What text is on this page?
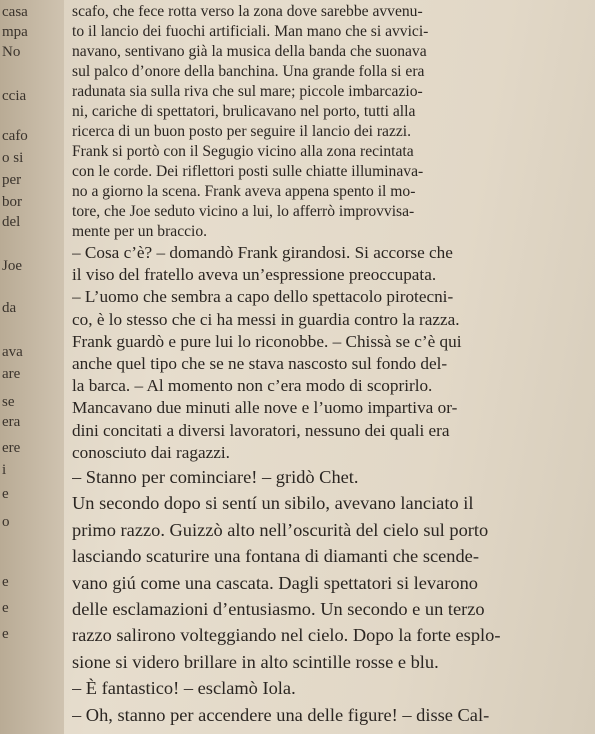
casa
mpa
No
ccia
cafo
o si
per
bor
del
Joe
da
ava
are
se
era
ere
i
e
o
e
e
e
scafo, che fece rotta verso la zona dove sarebbe avvenu-
to il lancio dei fuochi artificiali. Man mano che si avvici-
navano, sentivano già la musica della banda che suonava
sul palco d’onore della banchina. Una grande folla si era
radunata sia sulla riva che sul mare; piccole imbarcazio-
ni, cariche di spettatori, brulicavano nel porto, tutti alla
ricerca di un buon posto per seguire il lancio dei razzi.
Frank si portò con il Segugio vicino alla zona recintata
con le corde. Dei riflettori posti sulle chiatte illuminava-
no a giorno la scena. Frank aveva appena spento il mo-
tore, che Joe seduto vicino a lui, lo afferrò improvvisa-
mente per un braccio.
– Cosa c’è? – domandò Frank girandosi. Si accorse che
il viso del fratello aveva un’espressione preoccupata.
– L’uomo che sembra a capo dello spettacolo pirotecni-
co, è lo stesso che ci ha messi in guardia contro la razza.
Frank guardò e pure lui lo riconobbe. – Chissà se c’è qui
anche quel tipo che se ne stava nascosto sul fondo del-
la barca. – Al momento non c’era modo di scoprirlo.
Mancavano due minuti alle nove e l’uomo impartiva or-
dini concitati a diversi lavoratori, nessuno dei quali era
conosciuto dai ragazzi.
– Stanno per cominciare! – gridò Chet.
Un secondo dopo si sentí un sibilo, avevano lanciato il
primo razzo. Guizzò alto nell’oscurità del cielo sul porto
lasciando scaturire una fontana di diamanti che scende-
vano giú come una cascata. Dagli spettatori si levarono
delle esclamazioni d’entusiasmo. Un secondo e un terzo
razzo salirono volteggiando nel cielo. Dopo la forte esplo-
sione si videro brillare in alto scintille rosse e blu.
– È fantastico! – esclamò Iola.
– Oh, stanno per accendere una delle figure! – disse Cal-
